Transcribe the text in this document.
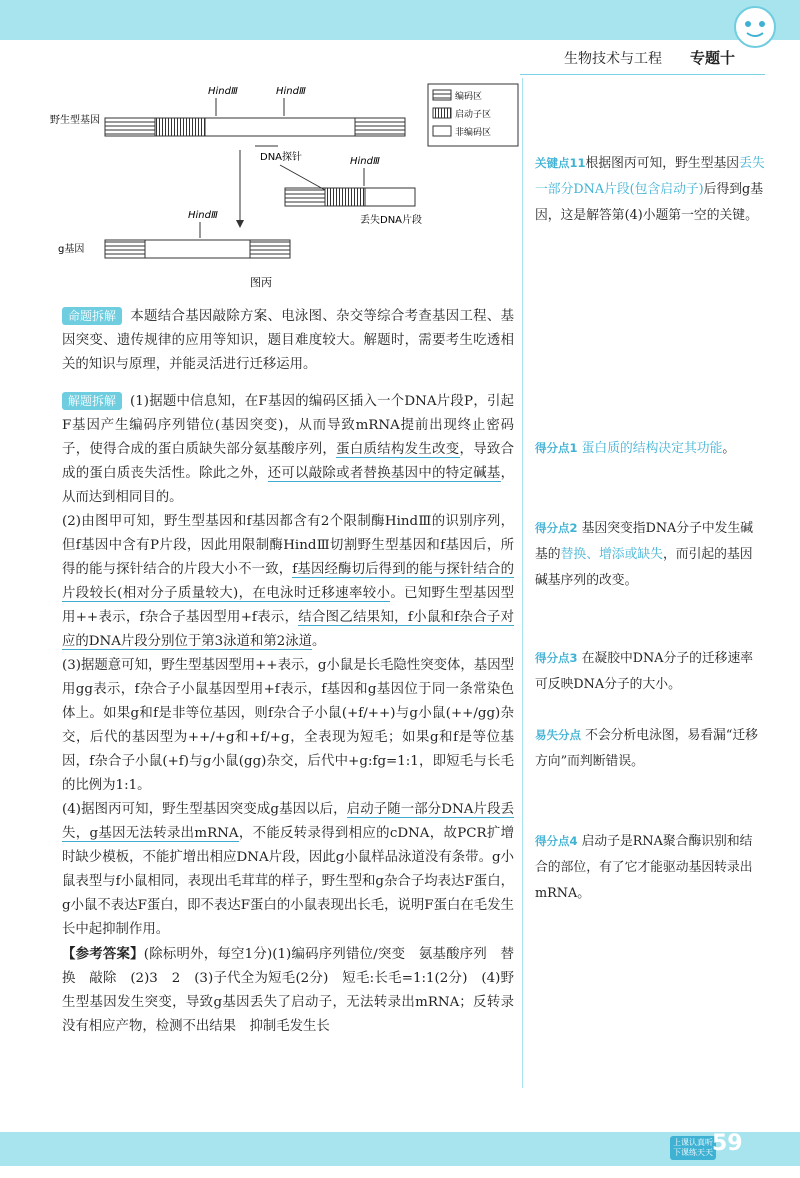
生物技术与工程 专题十
野生型基因
HindⅢ	HindⅢ
DNA探针	HindⅢ
丢失DNA片段
g基因
HindⅢ
图丙
编码区
启动子区
非编码区

命题拆解 本题结合基因敲除方案、电泳图、杂交等综合考查基因工程、基因突变、遗传规律的应用等知识，题目难度较大。解题时，需要考生吃透相关的知识与原理，并能灵活进行迁移运用。

解题拆解 (1)据题中信息知，在F基因的编码区插入一个DNA片段P，引起F基因产生编码序列错位(基因突变)，从而导致mRNA提前出现终止密码子，使得合成的蛋白质缺失部分氨基酸序列，蛋白质结构发生改变，导致合成的蛋白质丧失活性。除此之外，还可以敲除或者替换基因中的特定碱基，从而达到相同目的。

(2)由图甲可知，野生型基因和f基因都含有2个限制酶HindⅢ的识别序列，但f基因中含有P片段，因此用限制酶HindⅢ切割野生型基因和f基因后，所得的能与探针结合的片段大小不一致，f基因经酶切后得到的能与探针结合的片段较长(相对分子质量较大)，在电泳时迁移速率较小。已知野生型基因型用++表示，f杂合子基因型用+f表示，结合图乙结果知，f小鼠和f杂合子对应的DNA片段分别位于第3泳道和第2泳道。

(3)据题意可知，野生型基因型用++表示，g小鼠是长毛隐性突变体，基因型用gg表示，f杂合子小鼠基因型用+f表示，f基因和g基因位于同一条常染色体上。如果g和f是非等位基因，则f杂合子小鼠(+f/++)与g小鼠(++/gg)杂交，后代的基因型为++/+g和+f/+g，全表现为短毛；如果g和f是等位基因，f杂合子小鼠(+f)与g小鼠(gg)杂交，后代中+g:fg=1:1，即短毛与长毛的比例为1:1。

(4)据图丙可知，野生型基因突变成g基因以后，启动子随一部分DNA片段丢失，g基因无法转录出mRNA，不能反转录得到相应的cDNA，故PCR扩增时缺少模板，不能扩增出相应DNA片段，因此g小鼠样品泳道没有条带。g小鼠表型与f小鼠相同，表现出毛茸茸的样子，野生型和g杂合子均表达F蛋白，g小鼠不表达F蛋白，即不表达F蛋白的小鼠表现出长毛，说明F蛋白在毛发生长中起抑制作用。

【参考答案】(除标明外，每空1分)(1)编码序列错位/突变　氨基酸序列　替换　敲除　(2)3　2　(3)子代全为短毛(2分)　短毛:长毛=1:1(2分)　(4)野生型基因发生突变，导致g基因丢失了启动子，无法转录出mRNA；反转录没有相应产物，检测不出结果　抑制毛发生长

关键点11根据图丙可知，野生型基因丢失一部分DNA片段(包含启动子)后得到g基因，这是解答第(4)小题第一空的关键。
得分点1 蛋白质的结构决定其功能。
得分点2 基因突变指DNA分子中发生碱基的替换、增添或缺失，而引起的基因碱基序列的改变。
得分点3 在凝胶中DNA分子的迁移速率可反映DNA分子的大小。
易失分点 不会分析电泳图，易看漏“迁移方向”而判断错误。
得分点4 启动子是RNA聚合酶识别和结合的部位，有了它才能驱动基因转录出mRNA。
上课认真听
下课练天天 59
